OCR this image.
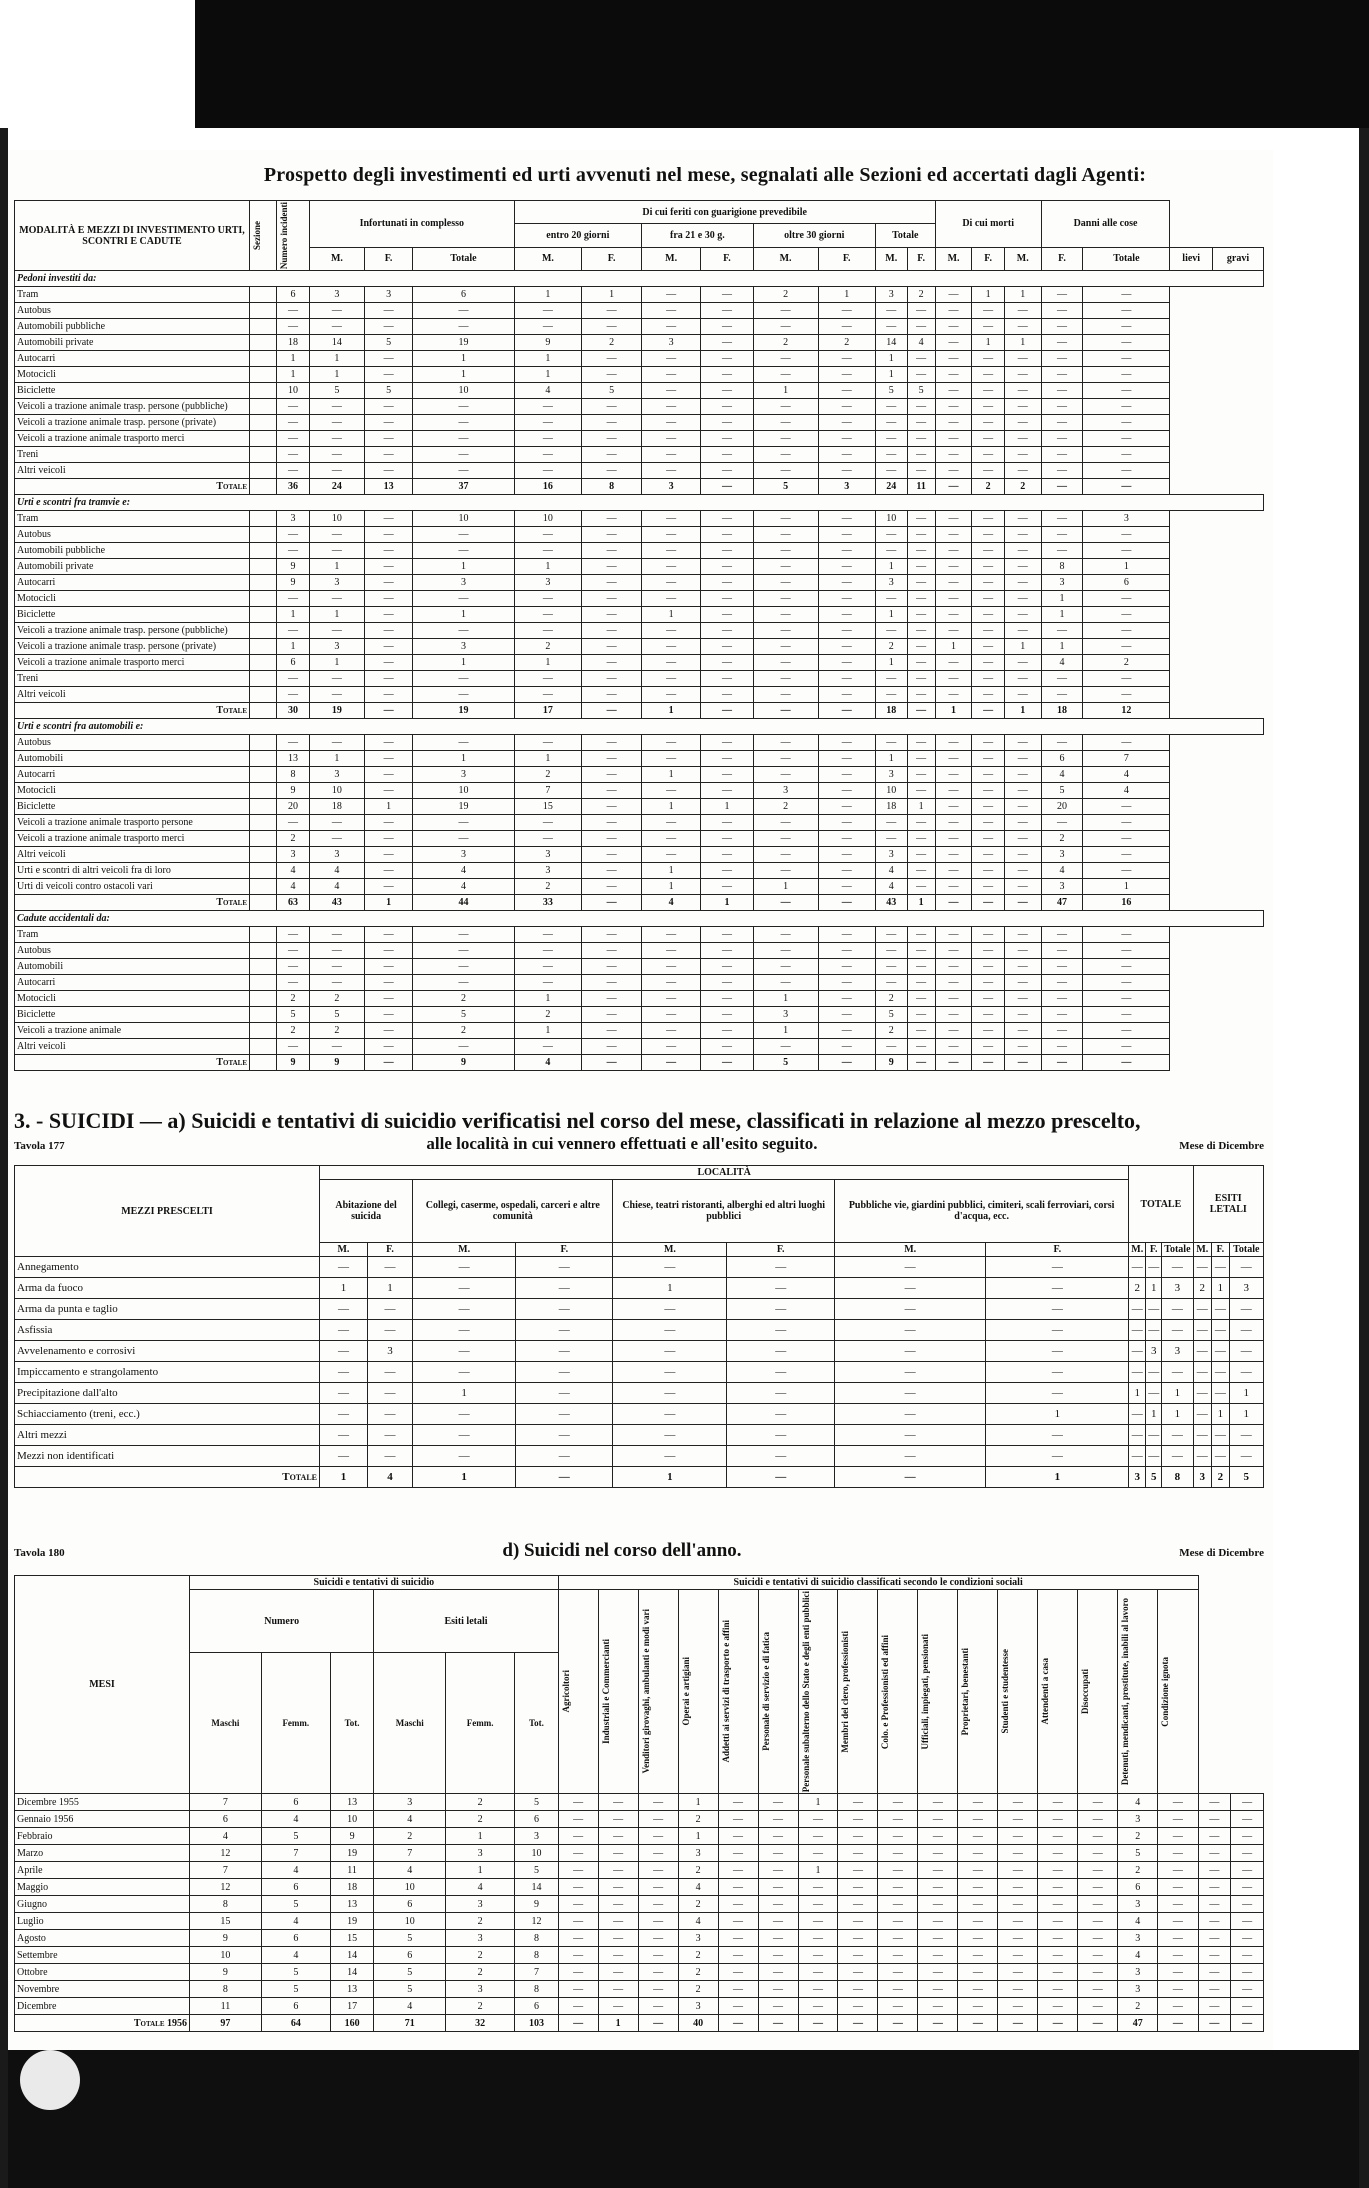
Prospetto degli investimenti ed urti avvenuti nel mese, segnalati alle Sezioni ed accertati dagli Agenti:
MODALITÀ E MEZZI DI INVESTIMENTO URTI, SCONTRI E CADUTE	Sezione	Numero incidenti	Infortunati in complesso			Di cui feriti con guarigione prevedibile								Di cui morti			Danni alle cose			
						entro 20 giorni		fra 21 e 30 g.		oltre 30 giorni		Totale								
			M.	F.	Totale	M.	F.	M.	F.	M.	F.	M.	F.	M.	F.	M.	F.	Totale	lievi	gravi
Pedoni investiti da:																				
Tram		6	3	3	6	1	1	—	—	2	1	3	2	—	1	1	—	—		
Autobus		—	—	—	—	—	—	—	—	—	—	—	—	—	—	—	—	—		
Automobili pubbliche		—	—	—	—	—	—	—	—	—	—	—	—	—	—	—	—	—		
Automobili private		18	14	5	19	9	2	3	—	2	2	14	4	—	1	1	—	—		
Autocarri		1	1	—	1	1	—	—	—	—	—	1	—	—	—	—	—	—		
Motocicli		1	1	—	1	1	—	—	—	—	—	1	—	—	—	—	—	—		
Biciclette		10	5	5	10	4	5	—	—	1	—	5	5	—	—	—	—	—		
Veicoli a trazione animale trasp. persone (pubbliche)		—	—	—	—	—	—	—	—	—	—	—	—	—	—	—	—	—		
Veicoli a trazione animale trasp. persone (private)		—	—	—	—	—	—	—	—	—	—	—	—	—	—	—	—	—		
Veicoli a trazione animale trasporto merci		—	—	—	—	—	—	—	—	—	—	—	—	—	—	—	—	—		
Treni		—	—	—	—	—	—	—	—	—	—	—	—	—	—	—	—	—		
Altri veicoli		—	—	—	—	—	—	—	—	—	—	—	—	—	—	—	—	—		
Totale		36	24	13	37	16	8	3	—	5	3	24	11	—	2	2	—	—		
Urti e scontri fra tramvie e:																				
Tram		3	10	—	10	10	—	—	—	—	—	10	—	—	—	—	—	3		
Autobus		—	—	—	—	—	—	—	—	—	—	—	—	—	—	—	—	—		
Automobili pubbliche		—	—	—	—	—	—	—	—	—	—	—	—	—	—	—	—	—		
Automobili private		9	1	—	1	1	—	—	—	—	—	1	—	—	—	—	8	1		
Autocarri		9	3	—	3	3	—	—	—	—	—	3	—	—	—	—	3	6		
Motocicli		—	—	—	—	—	—	—	—	—	—	—	—	—	—	—	1	—		
Biciclette		1	1	—	1	—	—	1	—	—	—	1	—	—	—	—	1	—		
Veicoli a trazione animale trasp. persone (pubbliche)		—	—	—	—	—	—	—	—	—	—	—	—	—	—	—	—	—		
Veicoli a trazione animale trasp. persone (private)		1	3	—	3	2	—	—	—	—	—	2	—	1	—	1	1	—		
Veicoli a trazione animale trasporto merci		6	1	—	1	1	—	—	—	—	—	1	—	—	—	—	4	2		
Treni		—	—	—	—	—	—	—	—	—	—	—	—	—	—	—	—	—		
Altri veicoli		—	—	—	—	—	—	—	—	—	—	—	—	—	—	—	—	—		
Totale		30	19	—	19	17	—	1	—	—	—	18	—	1	—	1	18	12		
Urti e scontri fra automobili e:																				
Autobus		—	—	—	—	—	—	—	—	—	—	—	—	—	—	—	—	—		
Automobili		13	1	—	1	1	—	—	—	—	—	1	—	—	—	—	6	7		
Autocarri		8	3	—	3	2	—	1	—	—	—	3	—	—	—	—	4	4		
Motocicli		9	10	—	10	7	—	—	—	3	—	10	—	—	—	—	5	4		
Biciclette		20	18	1	19	15	—	1	1	2	—	18	1	—	—	—	20	—		
Veicoli a trazione animale trasporto persone		—	—	—	—	—	—	—	—	—	—	—	—	—	—	—	—	—		
Veicoli a trazione animale trasporto merci		2	—	—	—	—	—	—	—	—	—	—	—	—	—	—	2	—		
Altri veicoli		3	3	—	3	3	—	—	—	—	—	3	—	—	—	—	3	—		
Urti e scontri di altri veicoli fra di loro		4	4	—	4	3	—	1	—	—	—	4	—	—	—	—	4	—		
Urti di veicoli contro ostacoli vari		4	4	—	4	2	—	1	—	1	—	4	—	—	—	—	3	1		
Totale		63	43	1	44	33	—	4	1	—	—	43	1	—	—	—	47	16		
Cadute accidentali da:																				
Tram		—	—	—	—	—	—	—	—	—	—	—	—	—	—	—	—	—		
Autobus		—	—	—	—	—	—	—	—	—	—	—	—	—	—	—	—	—		
Automobili		—	—	—	—	—	—	—	—	—	—	—	—	—	—	—	—	—		
Autocarri		—	—	—	—	—	—	—	—	—	—	—	—	—	—	—	—	—		
Motocicli		2	2	—	2	1	—	—	—	1	—	2	—	—	—	—	—	—		
Biciclette		5	5	—	5	2	—	—	—	3	—	5	—	—	—	—	—	—		
Veicoli a trazione animale		2	2	—	2	1	—	—	—	1	—	2	—	—	—	—	—	—		
Altri veicoli		—	—	—	—	—	—	—	—	—	—	—	—	—	—	—	—	—		
Totale		9	9	—	9	4	—	—	—	5	—	9	—	—	—	—	—	—		
3. - SUICIDI — a) Suicidi e tentativi di suicidio verificatisi nel corso del mese, classificati in relazione al mezzo prescelto,
Tavola 177	alle località in cui vennero effettuati e all'esito seguito.	Mese di Dicembre
MEZZI PRESCELTI	LOCALITÀ								TOTALE			ESITI LETALI		
	Abitazione del suicida		Collegi, caserme, ospedali, carceri e altre comunità		Chiese, teatri ristoranti, alberghi ed altri luoghi pubblici		Pubbliche vie, giardini pubblici, cimiteri, scali ferroviari, corsi d'acqua, ecc.							
	M.	F.	M.	F.	M.	F.	M.	F.	M.	F.	Totale	M.	F.	Totale
Annegamento	—	—	—	—	—	—	—	—	—	—	—	—	—	—
Arma da fuoco	1	1	—	—	1	—	—	—	2	1	3	2	1	3
Arma da punta e taglio	—	—	—	—	—	—	—	—	—	—	—	—	—	—
Asfissia	—	—	—	—	—	—	—	—	—	—	—	—	—	—
Avvelenamento e corrosivi	—	3	—	—	—	—	—	—	—	3	3	—	—	—
Impiccamento e strangolamento	—	—	—	—	—	—	—	—	—	—	—	—	—	—
Precipitazione dall'alto	—	—	1	—	—	—	—	—	1	—	1	—	—	1
Schiacciamento (treni, ecc.)	—	—	—	—	—	—	—	1	—	1	1	—	1	1
Altri mezzi	—	—	—	—	—	—	—	—	—	—	—	—	—	—
Mezzi non identificati	—	—	—	—	—	—	—	—	—	—	—	—	—	—
Totale	1	4	1	—	1	—	—	1	3	5	8	3	2	5
Tavola 180	d) Suicidi nel corso dell'anno.	Mese di Dicembre
MESI	Suicidi e tentativi di suicidio						Suicidi e tentativi di suicidio classificati secondo le condizioni sociali																	
	Numero			Esiti letali			Agricoltori	Industriali e Commercianti	Venditori girovaghi, ambulanti e modi vari	Operai e artigiani	Addetti ai servizi di trasporto e affini	Personale di servizio e di fatica	Personale subalterno dello Stato e degli enti pubblici	Membri del clero, professionisti	Colo. e Professionisti ed affini	Ufficiali, impiegati, pensionati	Proprietari, benestanti	Studenti e studentesse	Attendenti a casa	Disoccupati	Detenuti, mendicanti, prostitute, inabili al lavoro	Condizione ignota		

	Maschi	Femm.	Tot.	Maschi	Femm.	Tot.																		
Dicembre 1955	7	6	13	3	2	5	—	—	—	1	—	—	1	—	—	—	—	—	—	—	4	—	—	—
Gennaio 1956	6	4	10	4	2	6	—	—	—	2	—	—	—	—	—	—	—	—	—	—	3	—	—	—
Febbraio	4	5	9	2	1	3	—	—	—	1	—	—	—	—	—	—	—	—	—	—	2	—	—	—
Marzo	12	7	19	7	3	10	—	—	—	3	—	—	—	—	—	—	—	—	—	—	5	—	—	—
Aprile	7	4	11	4	1	5	—	—	—	2	—	—	1	—	—	—	—	—	—	—	2	—	—	—
Maggio	12	6	18	10	4	14	—	—	—	4	—	—	—	—	—	—	—	—	—	—	6	—	—	—
Giugno	8	5	13	6	3	9	—	—	—	2	—	—	—	—	—	—	—	—	—	—	3	—	—	—
Luglio	15	4	19	10	2	12	—	—	—	4	—	—	—	—	—	—	—	—	—	—	4	—	—	—
Agosto	9	6	15	5	3	8	—	—	—	3	—	—	—	—	—	—	—	—	—	—	3	—	—	—
Settembre	10	4	14	6	2	8	—	—	—	2	—	—	—	—	—	—	—	—	—	—	4	—	—	—
Ottobre	9	5	14	5	2	7	—	—	—	2	—	—	—	—	—	—	—	—	—	—	3	—	—	—
Novembre	8	5	13	5	3	8	—	—	—	2	—	—	—	—	—	—	—	—	—	—	3	—	—	—
Dicembre	11	6	17	4	2	6	—	—	—	3	—	—	—	—	—	—	—	—	—	—	2	—	—	—
Totale 1956	97	64	160	71	32	103	—	1	—	40	—	—	—	—	—	—	—	—	—	—	47	—	—	—
